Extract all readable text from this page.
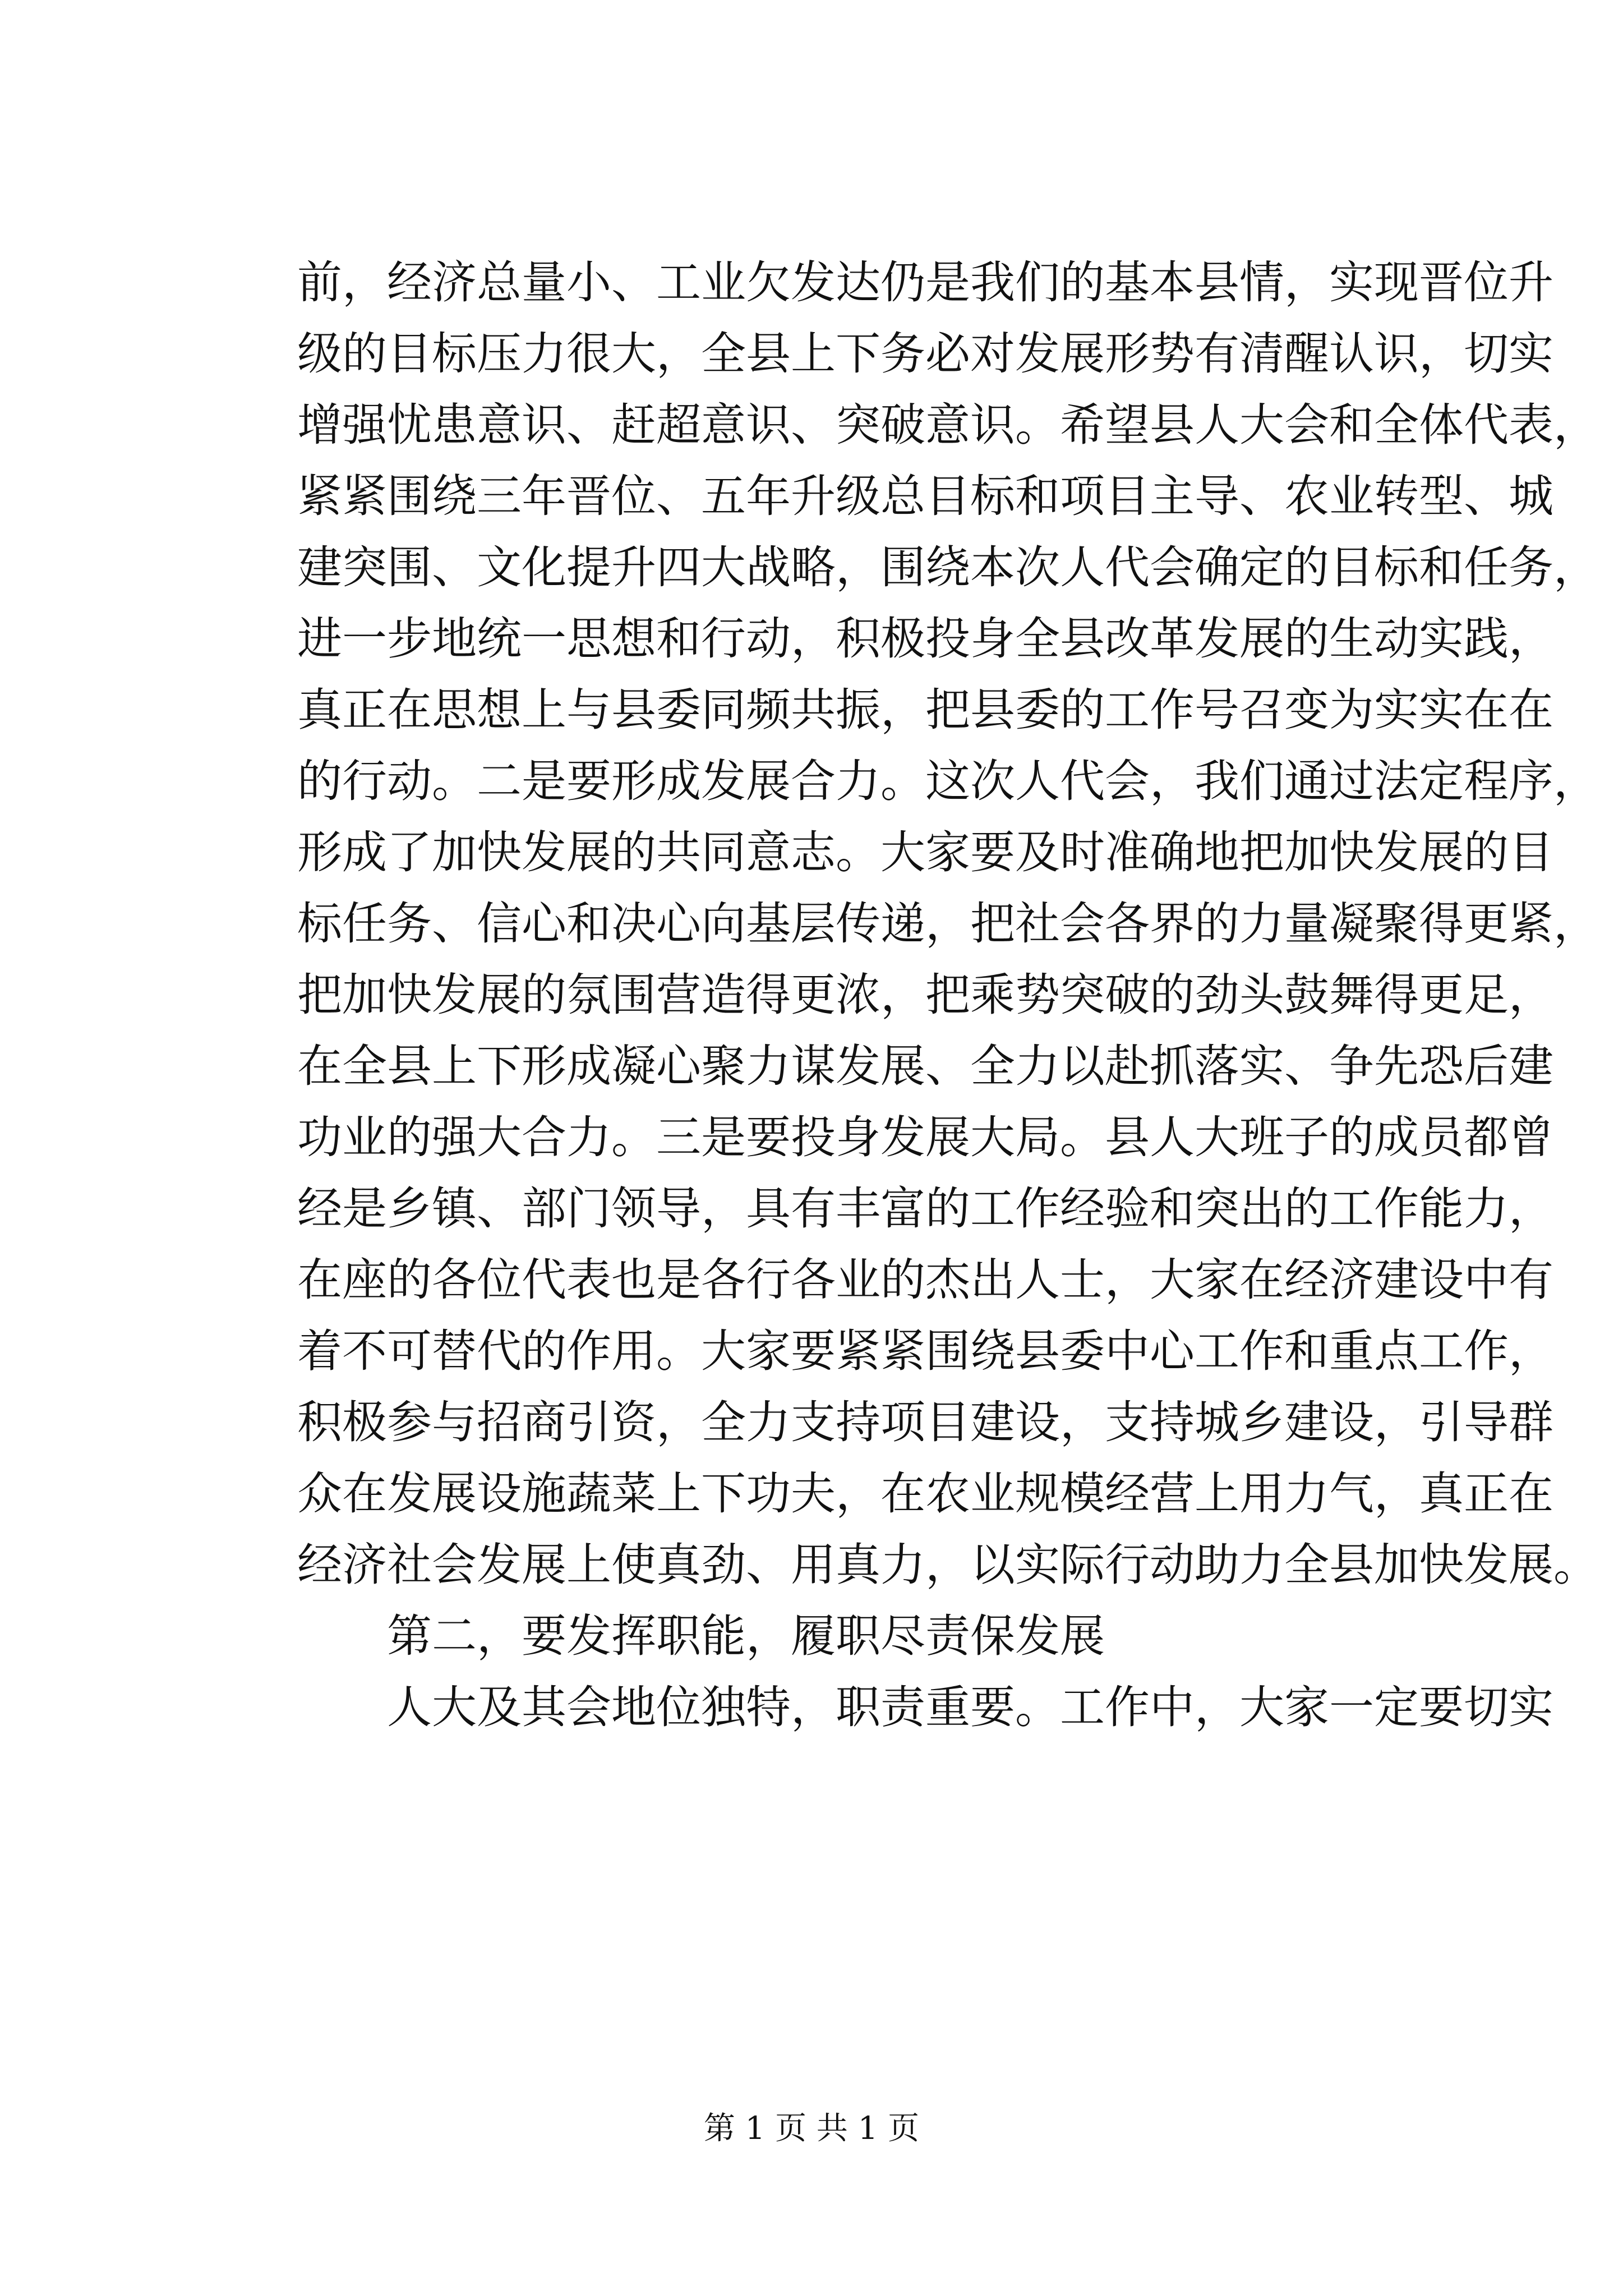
前，经济总量小、工业欠发达仍是我们的基本县情，实现晋位升
级的目标压力很大，全县上下务必对发展形势有清醒认识，切实
增强忧患意识、赶超意识、突破意识。希望县人大会和全体代表，
紧紧围绕三年晋位、五年升级总目标和项目主导、农业转型、城
建突围、文化提升四大战略，围绕本次人代会确定的目标和任务，
进一步地统一思想和行动，积极投身全县改革发展的生动实践，
真正在思想上与县委同频共振，把县委的工作号召变为实实在在
的行动。二是要形成发展合力。这次人代会，我们通过法定程序，
形成了加快发展的共同意志。大家要及时准确地把加快发展的目
标任务、信心和决心向基层传递，把社会各界的力量凝聚得更紧，
把加快发展的氛围营造得更浓，把乘势突破的劲头鼓舞得更足，
在全县上下形成凝心聚力谋发展、全力以赴抓落实、争先恐后建
功业的强大合力。三是要投身发展大局。县人大班子的成员都曾
经是乡镇、部门领导，具有丰富的工作经验和突出的工作能力，
在座的各位代表也是各行各业的杰出人士，大家在经济建设中有
着不可替代的作用。大家要紧紧围绕县委中心工作和重点工作，
积极参与招商引资，全力支持项目建设，支持城乡建设，引导群
众在发展设施蔬菜上下功夫，在农业规模经营上用力气，真正在
经济社会发展上使真劲、用真力，以实际行动助力全县加快发展。
第二，要发挥职能，履职尽责保发展
人大及其会地位独特，职责重要。工作中，大家一定要切实
第 1 页 共 1 页
